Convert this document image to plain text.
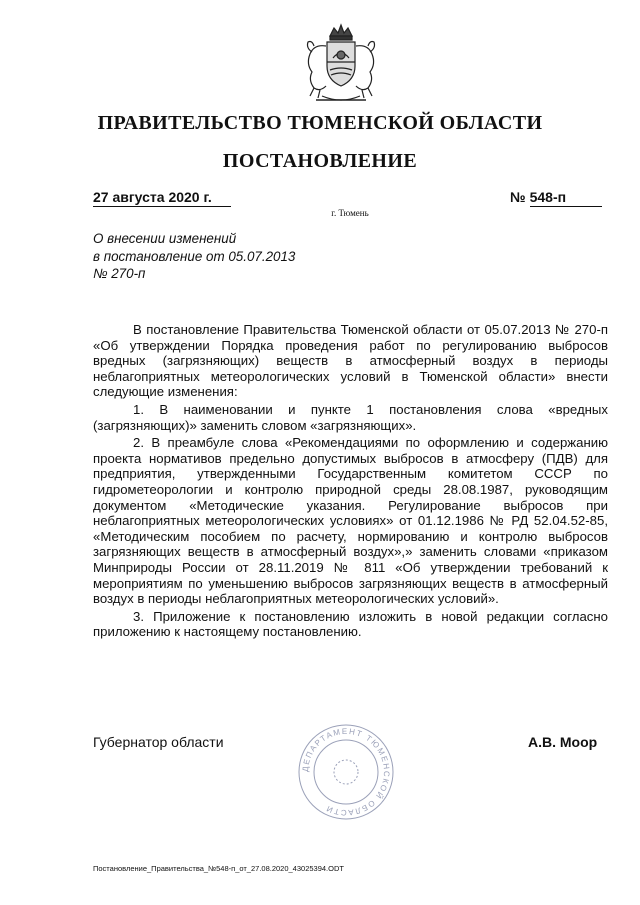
ПРАВИТЕЛЬСТВО ТЮМЕНСКОЙ ОБЛАСТИ
ПОСТАНОВЛЕНИЕ
27 августа 2020 г.	№ 548-п
г. Тюмень
О внесении изменений
в постановление от 05.07.2013
№ 270-п
В постановление Правительства Тюменской области от 05.07.2013 № 270-п «Об утверждении Порядка проведения работ по регулированию выбросов вредных (загрязняющих) веществ в атмосферный воздух в периоды неблагоприятных метеорологических условий в Тюменской области» внести следующие изменения:
1. В наименовании и пункте 1 постановления слова «вредных (загрязняющих)» заменить словом «загрязняющих».
2. В преамбуле слова «Рекомендациями по оформлению и содержанию проекта нормативов предельно допустимых выбросов в атмосферу (ПДВ) для предприятия, утвержденными Государственным комитетом СССР по гидрометеорологии и контролю природной среды 28.08.1987, руководящим документом «Методические указания. Регулирование выбросов при неблагоприятных метеорологических условиях» от 01.12.1986 № РД 52.04.52-85, «Методическим пособием по расчету, нормированию и контролю выбросов загрязняющих веществ в атмосферный воздух»,» заменить словами «приказом Минприроды России от 28.11.2019 № 811 «Об утверждении требований к мероприятиям по уменьшению выбросов загрязняющих веществ в атмосферный воздух в периоды неблагоприятных метеорологических условий».
3. Приложение к постановлению изложить в новой редакции согласно приложению к настоящему постановлению.
ДЕПАРТАМЕНТ ТЮМЕНСКОЙ ОБЛАСТИ
Губернатор области	А.В. Моор
Постановление_Правительства_№548-п_от_27.08.2020_43025394.ODT
